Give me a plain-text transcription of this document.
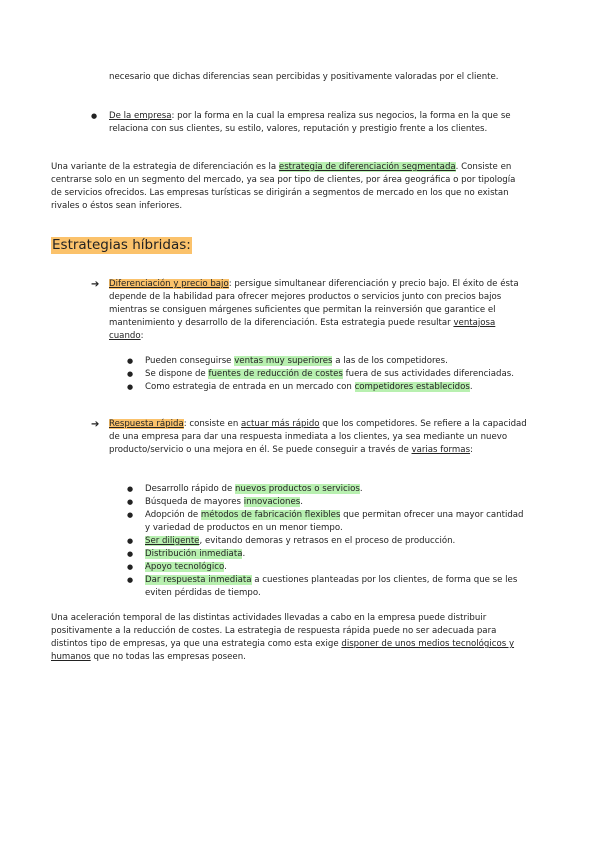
necesario que dichas diferencias sean percibidas y positivamente valoradas por el cliente.

● De la empresa: por la forma en la cual la empresa realiza sus negocios, la forma en la que se relaciona con sus clientes, su estilo, valores, reputación y prestigio frente a los clientes.

Una variante de la estrategia de diferenciación es la estrategia de diferenciación segmentada. Consiste en centrarse solo en un segmento del mercado, ya sea por tipo de clientes, por área geográfica o por tipología de servicios ofrecidos. Las empresas turísticas se dirigirán a segmentos de mercado en los que no existan rivales o éstos sean inferiores.

Estrategias híbridas:
➔ Diferenciación y precio bajo: persigue simultanear diferenciación y precio bajo. El éxito de ésta depende de la habilidad para ofrecer mejores productos o servicios junto con precios bajos mientras se consiguen márgenes suficientes que permitan la reinversión que garantice el mantenimiento y desarrollo de la diferenciación. Esta estrategia puede resultar ventajosa cuando:

● Pueden conseguirse ventas muy superiores a las de los competidores.
● Se dispone de fuentes de reducción de costes fuera de sus actividades diferenciadas.
● Como estrategia de entrada en un mercado con competidores establecidos.
➔ Respuesta rápida: consiste en actuar más rápido que los competidores. Se refiere a la capacidad de una empresa para dar una respuesta inmediata a los clientes, ya sea mediante un nuevo producto/servicio o una mejora en él. Se puede conseguir a través de varias formas:

● Desarrollo rápido de nuevos productos o servicios.
● Búsqueda de mayores innovaciones.
● Adopción de métodos de fabricación flexibles que permitan ofrecer una mayor cantidad y variedad de productos en un menor tiempo.
● Ser diligente, evitando demoras y retrasos en el proceso de producción.
● Distribución inmediata.
● Apoyo tecnológico.
● Dar respuesta inmediata a cuestiones planteadas por los clientes, de forma que se les eviten pérdidas de tiempo.

Una aceleración temporal de las distintas actividades llevadas a cabo en la empresa puede distribuir positivamente a la reducción de costes. La estrategia de respuesta rápida puede no ser adecuada para distintos tipo de empresas, ya que una estrategia como esta exige disponer de unos medios tecnológicos y humanos que no todas las empresas poseen.
